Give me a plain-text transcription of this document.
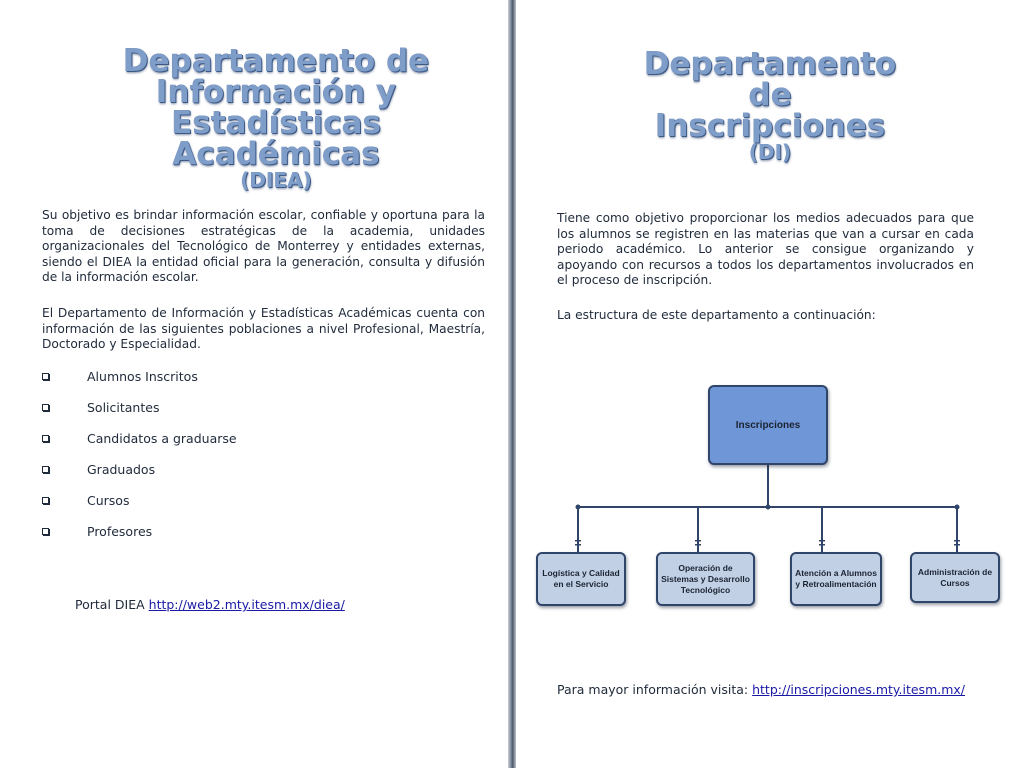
Departamento de Información y Estadísticas Académicas
(DIEA)

Su objetivo es brindar información escolar, confiable y oportuna para la toma de decisiones estratégicas de la academia, unidades organizacionales del Tecnológico de Monterrey y entidades externas, siendo el DIEA la entidad oficial para la generación, consulta y difusión de la información escolar.

El Departamento de Información y Estadísticas Académicas cuenta con información de las siguientes poblaciones a nivel Profesional, Maestría, Doctorado y Especialidad.

Alumnos Inscritos
Solicitantes
Candidatos a graduarse
Graduados
Cursos
Profesores
Portal DIEA http://web2.mty.itesm.mx/diea/
Departamento de Inscripciones
(DI)

Tiene como objetivo proporcionar los medios adecuados para que los alumnos se registren en las materias que van a cursar en cada periodo académico. Lo anterior se consigue organizando y apoyando con recursos a todos los departamentos involucrados en el proceso de inscripción.

La estructura de este departamento a continuación:

Inscripciones
Logística y Calidad en el Servicio
Operación de Sistemas y Desarrollo Tecnológico
Atención a Alumnos y Retroalimentación
Administración de Cursos
Para mayor información visita: http://inscripciones.mty.itesm.mx/
